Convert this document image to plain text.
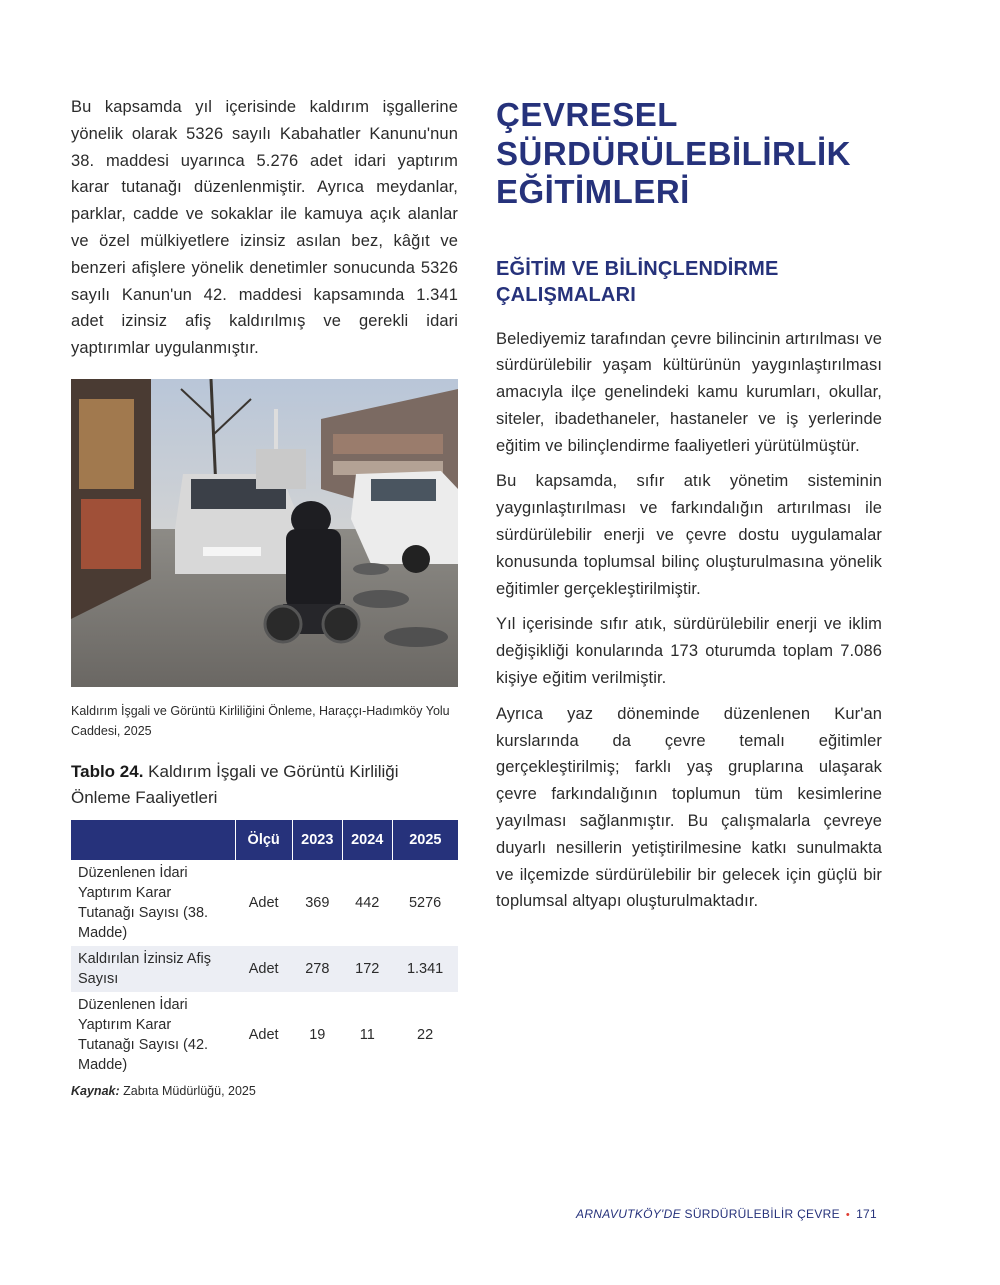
Bu kapsamda yıl içerisinde kaldırım işgallerine yönelik olarak 5326 sayılı Kabahatler Kanunu'nun 38. maddesi uyarınca 5.276 adet idari yaptırım karar tutanağı düzenlenmiştir. Ayrıca meydanlar, parklar, cadde ve sokaklar ile kamuya açık alanlar ve özel mülkiyetlere izinsiz asılan bez, kâğıt ve benzeri afişlere yönelik denetimler sonucunda 5326 sayılı Kanun'un 42. maddesi kapsamında 1.341 adet izinsiz afiş kaldırılmış ve gerekli idari yaptırımlar uygulanmıştır.

Kaldırım İşgali ve Görüntü Kirliliğini Önleme, Haraççı-Hadımköy Yolu Caddesi, 2025

Tablo 24. Kaldırım İşgali ve Görüntü Kirliliği Önleme Faaliyetleri

	Ölçü	2023	2024	2025
Düzenlenen İdari Yaptırım Karar Tutanağı Sayısı (38. Madde)	Adet	369	442	5276
Kaldırılan İzinsiz Afiş Sayısı	Adet	278	172	1.341
Düzenlenen İdari Yaptırım Karar Tutanağı Sayısı (42. Madde)	Adet	19	11	22
Kaynak: Zabıta Müdürlüğü, 2025
ÇEVRESEL
SÜRDÜRÜLEBİLİRLİK
EĞİTİMLERİ
EĞİTİM VE BİLİNÇLENDİRME
ÇALIŞMALARI

Belediyemiz tarafından çevre bilincinin artırılması ve sürdürülebilir yaşam kültürünün yaygınlaştırılması amacıyla ilçe genelindeki kamu kurumları, okullar, siteler, ibadethaneler, hastaneler ve iş yerlerinde eğitim ve bilinçlendirme faaliyetleri yürütülmüştür.

Bu kapsamda, sıfır atık yönetim sisteminin yaygınlaştırılması ve farkındalığın artırılması ile sürdürülebilir enerji ve çevre dostu uygulamalar konusunda toplumsal bilinç oluşturulmasına yönelik eğitimler gerçekleştirilmiştir.

Yıl içerisinde sıfır atık, sürdürülebilir enerji ve iklim değişikliği konularında 173 oturumda toplam 7.086 kişiye eğitim verilmiştir.

Ayrıca yaz döneminde düzenlenen Kur'an kurslarında da çevre temalı eğitimler gerçekleştirilmiş; farklı yaş gruplarına ulaşarak çevre farkındalığının toplumun tüm kesimlerine yayılması sağlanmıştır. Bu çalışmalarla çevreye duyarlı nesillerin yetiştirilmesine katkı sunulmakta ve ilçemizde sürdürülebilir bir gelecek için güçlü bir toplumsal altyapı oluşturulmaktadır.

ARNAVUTKÖY'DE SÜRDÜRÜLEBİLİR ÇEVRE • 171
